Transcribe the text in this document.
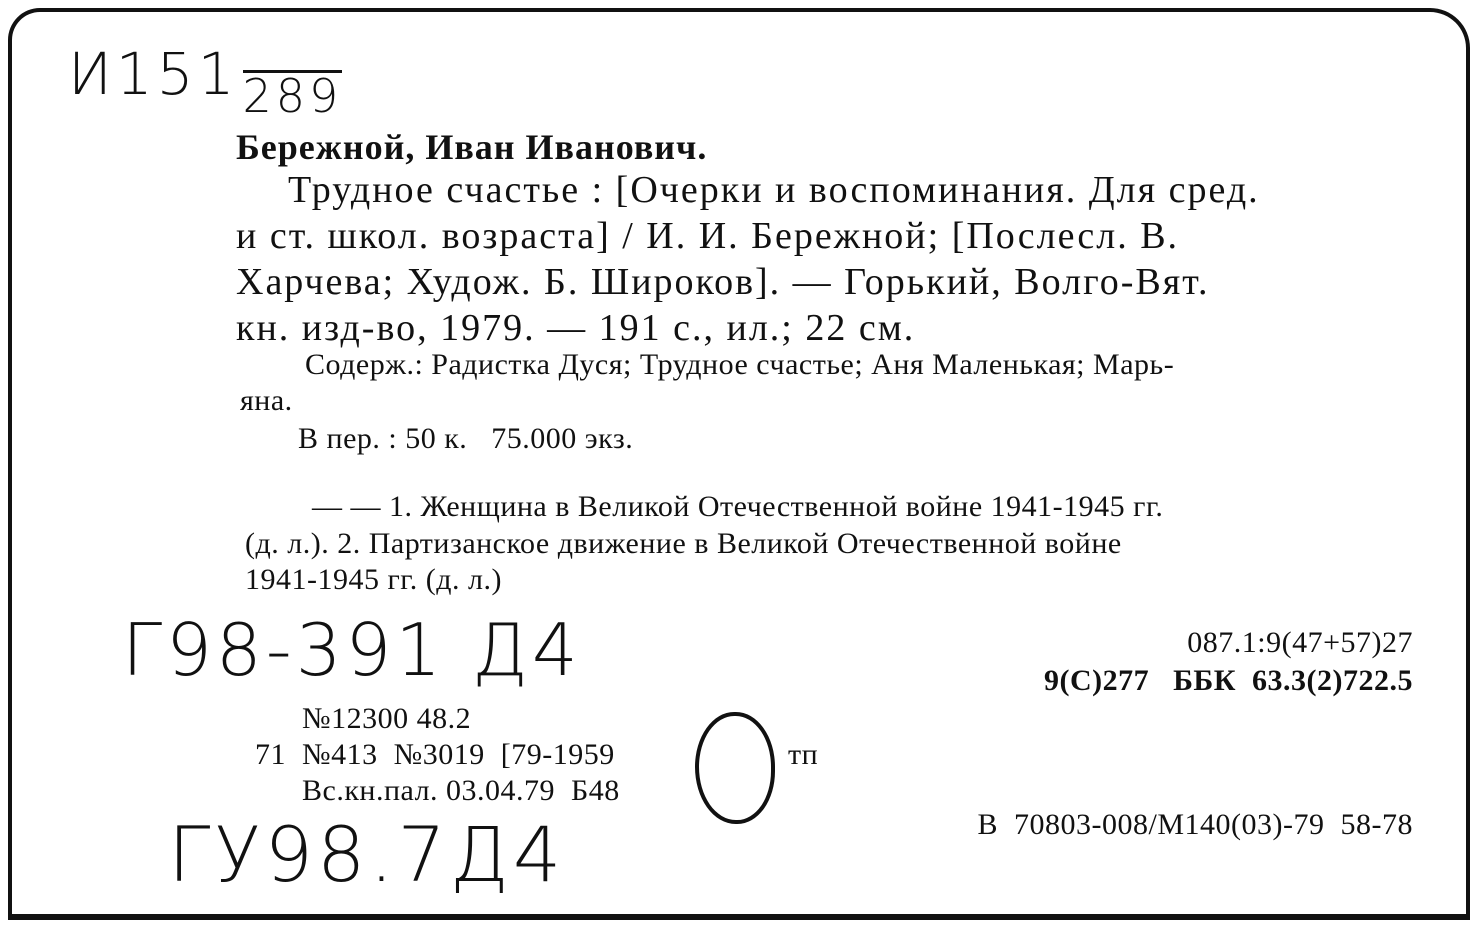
И151289
Бережной, Иван Иванович.
Трудное счастье : [Очерки и воспоминания. Для сред.
и ст. школ. возраста] / И. И. Бережной; [Послесл. В.
Харчева; Худож. Б. Широков]. — Горький, Волго-Вят.
кн. изд-во, 1979. — 191 с., ил.; 22 см.
Содерж.: Радистка Дуся; Трудное счастье; Аня Маленькая; Марь-
яна.
В пер. : 50 к.   75.000 экз.
— — 1. Женщина в Великой Отечественной войне 1941-1945 гг.
(д. л.). 2. Партизанское движение в Великой Отечественной войне
1941-1945 гг. (д. л.)
Г98-391 Д4	087.1:9(47+57)27
9(С)277   ББК  63.3(2)722.5
№12300 48.2
71  №413  №3019  [79-1959
Вс.кн.пал. 03.04.79  Б48
тп
В  70803-008/М140(03)-79  58-78
ГУ98.7Д4
